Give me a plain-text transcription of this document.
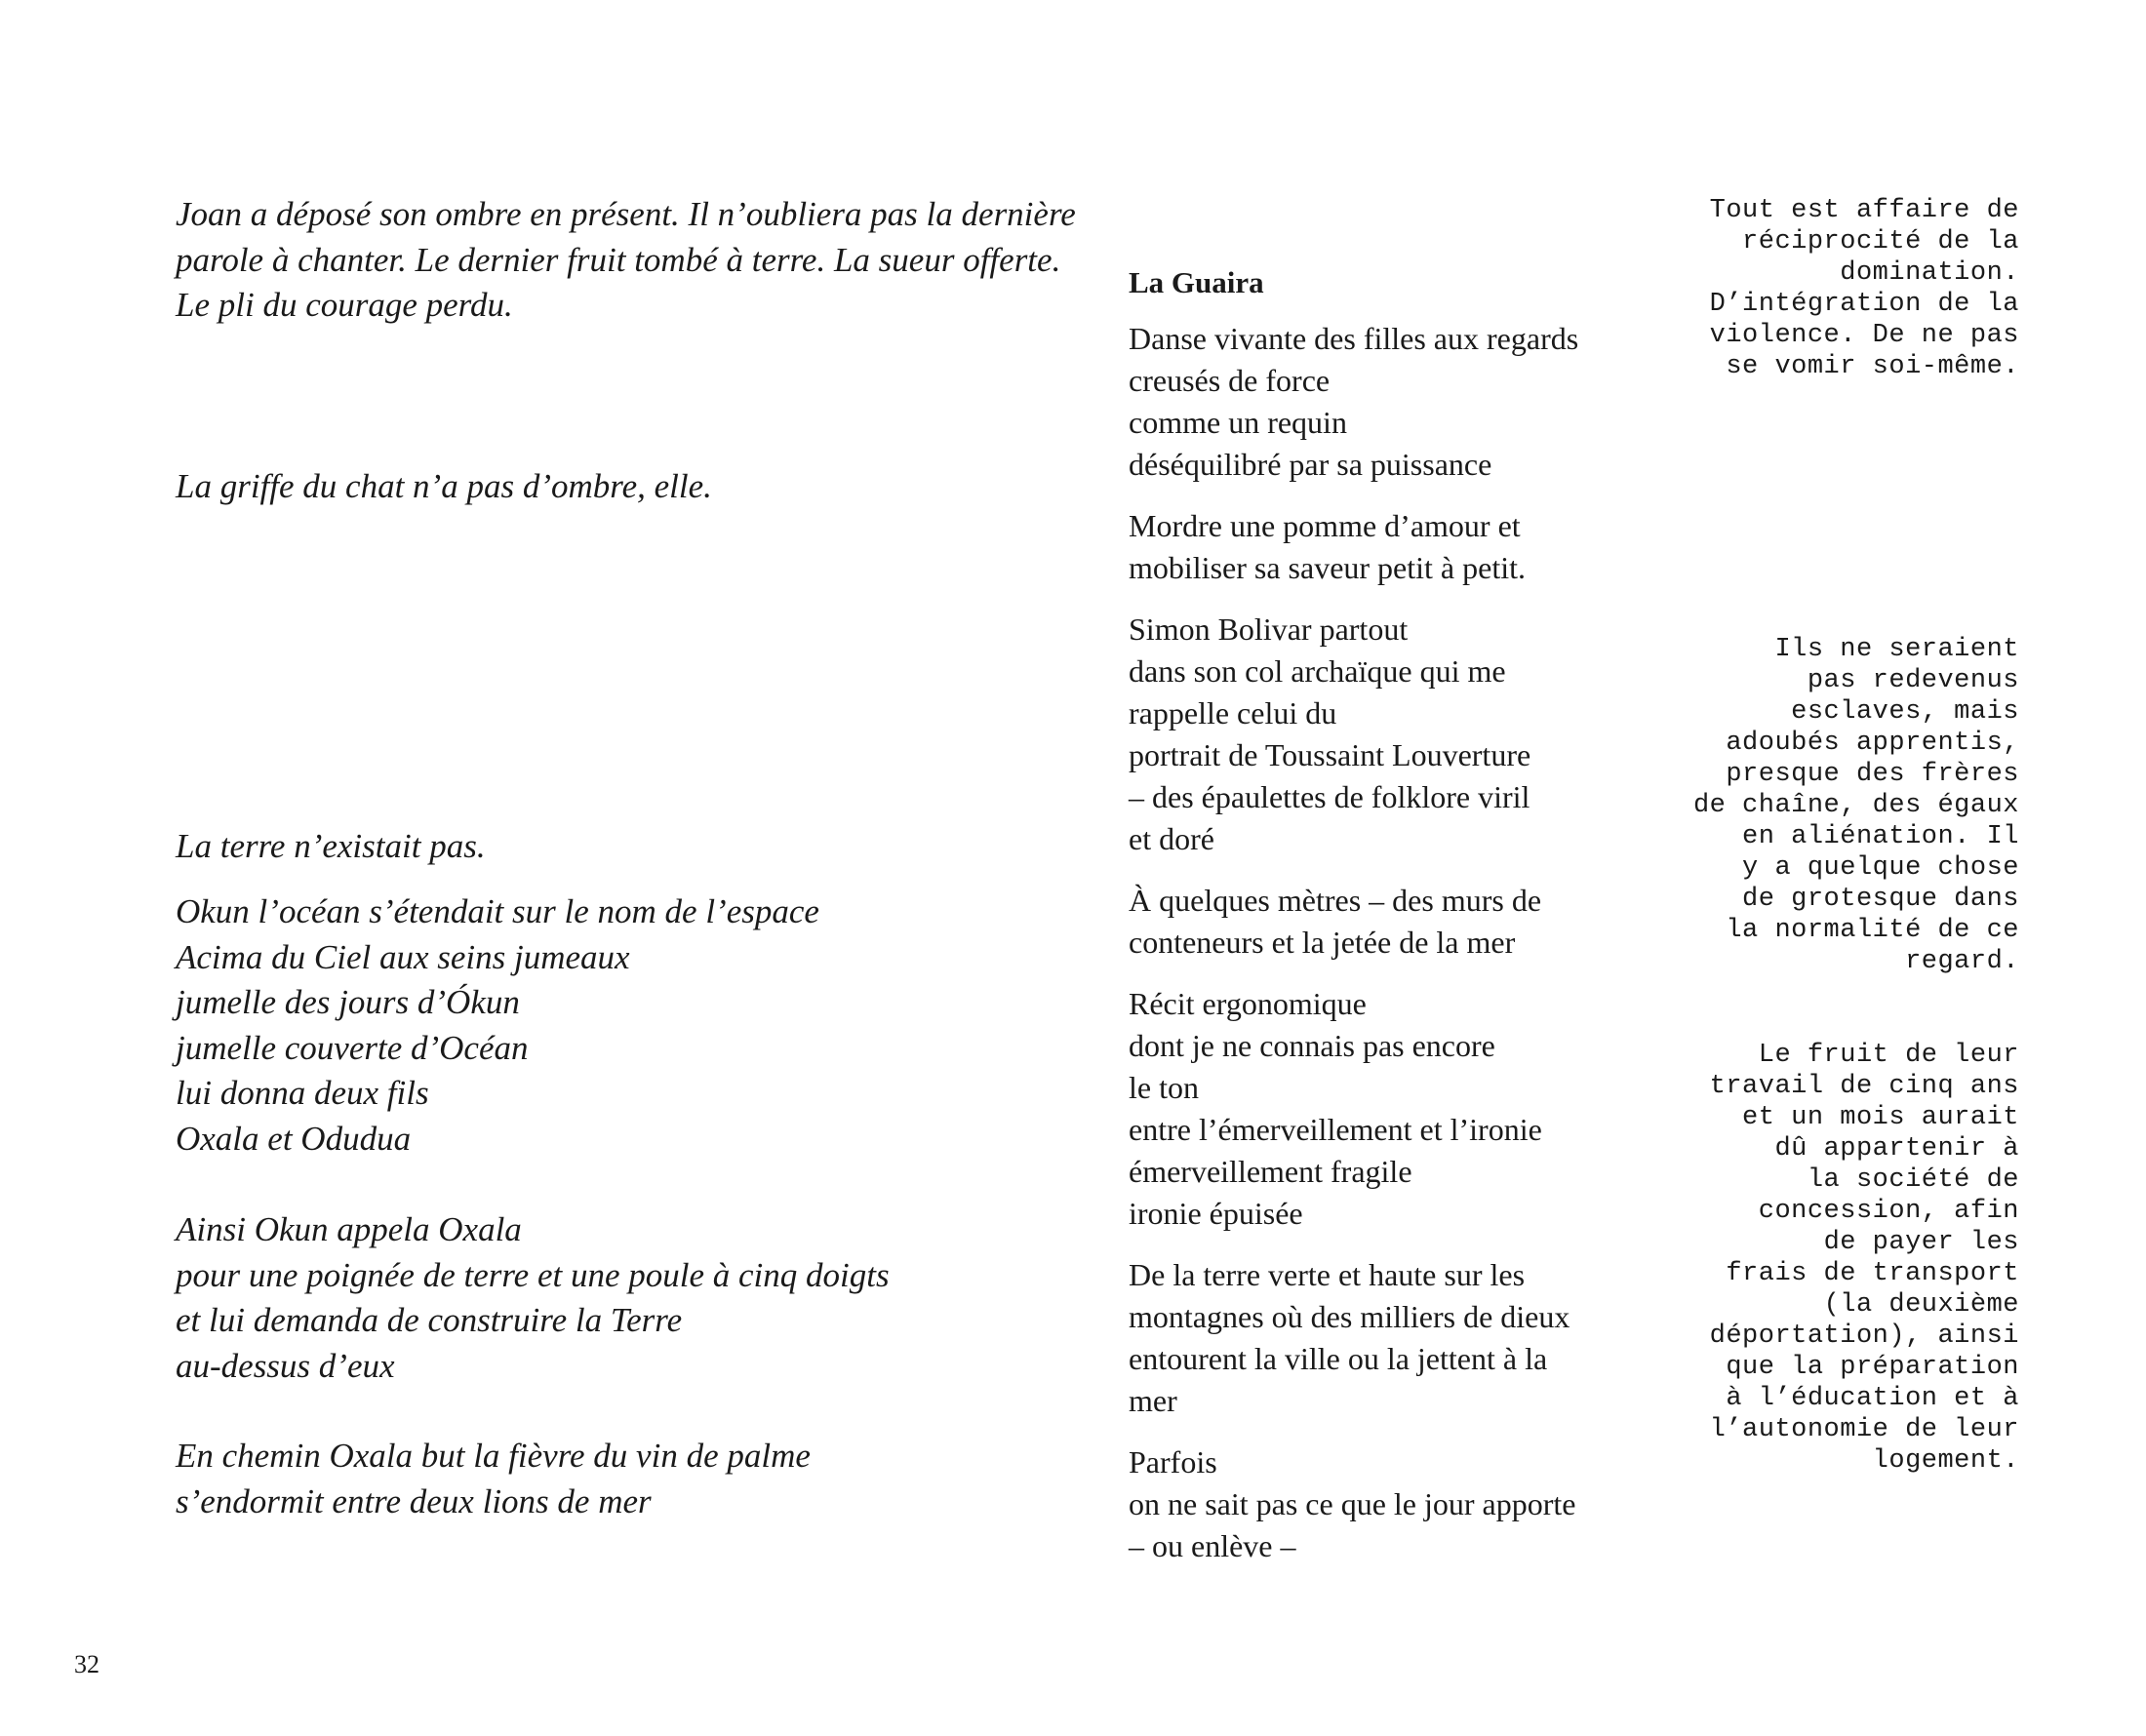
Joan a déposé son ombre en présent. Il n’oubliera pas la dernière
parole à chanter. Le dernier fruit tombé à terre. La sueur offerte.
Le pli du courage perdu.
La griffe du chat n’a pas d’ombre, elle.
La terre n’existait pas.
Okun l’océan s’étendait sur le nom de l’espace
Acima du Ciel aux seins jumeaux
jumelle des jours d’Ókun
jumelle couverte d’Océan
lui donna deux fils
Oxala et Odudua
Ainsi Okun appela Oxala
pour une poignée de terre et une poule à cinq doigts
et lui demanda de construire la Terre
au-dessus d’eux
En chemin Oxala but la fièvre du vin de palme
s’endormit entre deux lions de mer
La Guaira
Danse vivante des filles aux regards
creusés de force
comme un requin
déséquilibré par sa puissance
Mordre une pomme d’amour et
mobiliser sa saveur petit à petit.
Simon Bolivar partout
dans son col archaïque qui me
rappelle celui du
portrait de Toussaint Louverture
– des épaulettes de folklore viril
et doré
À quelques mètres – des murs de
conteneurs et la jetée de la mer
Récit ergonomique
dont je ne connais pas encore
le ton
entre l’émerveillement et l’ironie
émerveillement fragile
ironie épuisée
De la terre verte et haute sur les
montagnes où des milliers de dieux
entourent la ville ou la jettent à la
mer
Parfois
on ne sait pas ce que le jour apporte
– ou enlève –
Tout est affaire de
réciprocité de la
domination.
D’intégration de la
violence. De ne pas
se vomir soi-même.
Ils ne seraient
pas redevenus
esclaves, mais
adoubés apprentis,
presque des frères
de chaîne, des égaux
en aliénation. Il
y a quelque chose
de grotesque dans
la normalité de ce
regard.
Le fruit de leur
travail de cinq ans
et un mois aurait
dû appartenir à
la société de
concession, afin
de payer les
frais de transport
(la deuxième
déportation), ainsi
que la préparation
à l’éducation et à
l’autonomie de leur
logement.
32
